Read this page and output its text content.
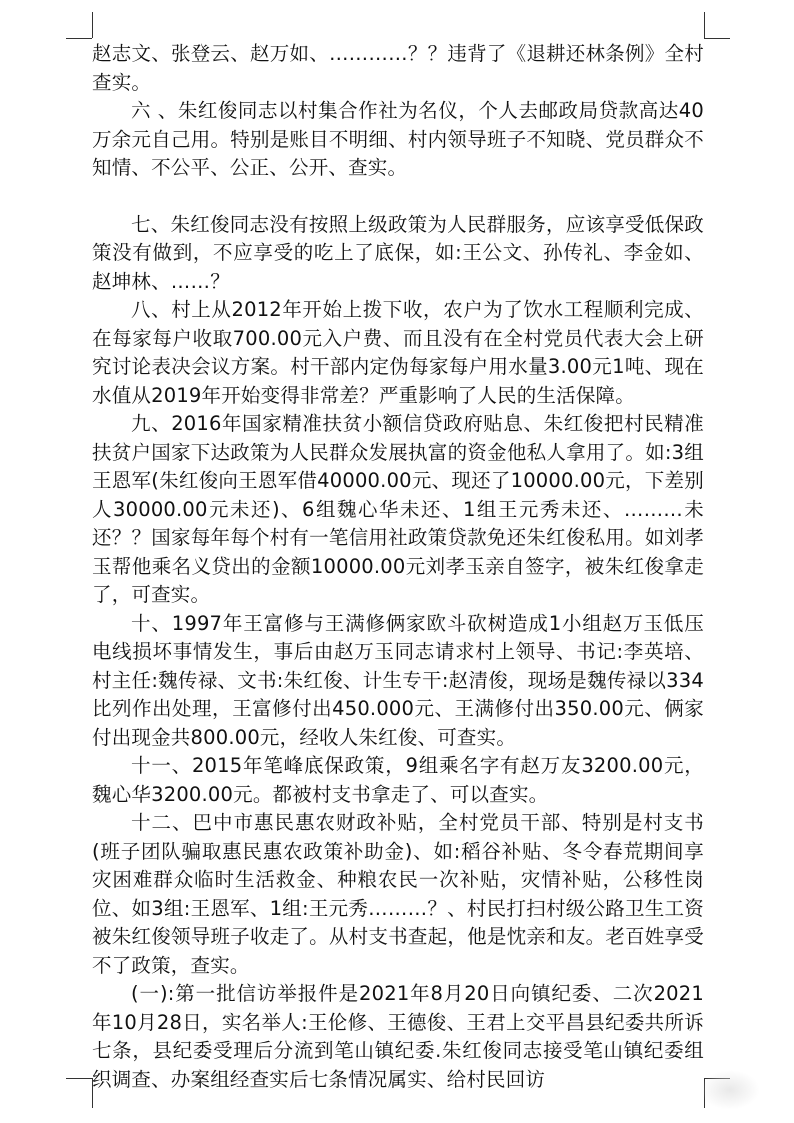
赵志文、张登云、赵万如、…………？？违背了《退耕还林条例》全村查实。

六 、朱红俊同志以村集合作社为名仪，个人去邮政局贷款高达40万余元自己用。特别是账目不明细、村内领导班子不知晓、党员群众不知情、不公平、公正、公开、查实。

七、朱红俊同志没有按照上级政策为人民群服务，应该享受低保政策没有做到，不应享受的吃上了底保，如:王公文、孙传礼、李金如、赵坤林、……？

八、村上从2012年开始上拨下收，农户为了饮水工程顺利完成、在每家每户收取700.00元入户费、而且没有在全村党员代表大会上研究讨论表决会议方案。村干部内定伪每家每户用水量3.00元1吨、现在水值从2019年开始变得非常差？严重影响了人民的生活保障。

九、2016年国家精准扶贫小额信贷政府贴息、朱红俊把村民精准扶贫户国家下达政策为人民群众发展执富的资金他私人拿用了。如:3组王恩军(朱红俊向王恩军借40000.00元、现还了10000.00元，下差别人30000.00元未还)、6组魏心华未还、1组王元秀未还、………未还？？国家每年每个村有一笔信用社政策贷款免还朱红俊私用。如刘孝玉帮他乘名义贷出的金额10000.00元刘孝玉亲自签字，被朱红俊拿走了，可查实。

十、1997年王富修与王满修俩家欧斗砍树造成1小组赵万玉低压电线损坏事情发生，事后由赵万玉同志请求村上领导、书记:李英培、村主任:魏传禄、文书:朱红俊、计生专干:赵清俊，现场是魏传禄以334比列作出处理，王富修付出450.000元、王满修付出350.00元、俩家付出现金共800.00元，经收人朱红俊、可查实。

十一、2015年笔峰底保政策，9组乘名字有赵万友3200.00元，魏心华3200.00元。都被村支书拿走了、可以查实。

十二、巴中市惠民惠农财政补贴，全村党员干部、特别是村支书(班子团队骗取惠民惠农政策补助金)、如:稻谷补贴、冬令春荒期间享灾困难群众临时生活救金、种粮农民一次补贴，灾情补贴，公移性岗位、如3组:王恩军、1组:王元秀………？、村民打扫村级公路卫生工资被朱红俊领导班子收走了。从村支书查起，他是忱亲和友。老百姓享受不了政策，查实。

(一):第一批信访举报件是2021年8月20日向镇纪委、二次2021年10月28日，实名举人:王伦修、王德俊、王君上交平昌县纪委共所诉七条，县纪委受理后分流到笔山镇纪委.朱红俊同志接受笔山镇纪委组织调查、办案组经查实后七条情况属实、给村民回访
